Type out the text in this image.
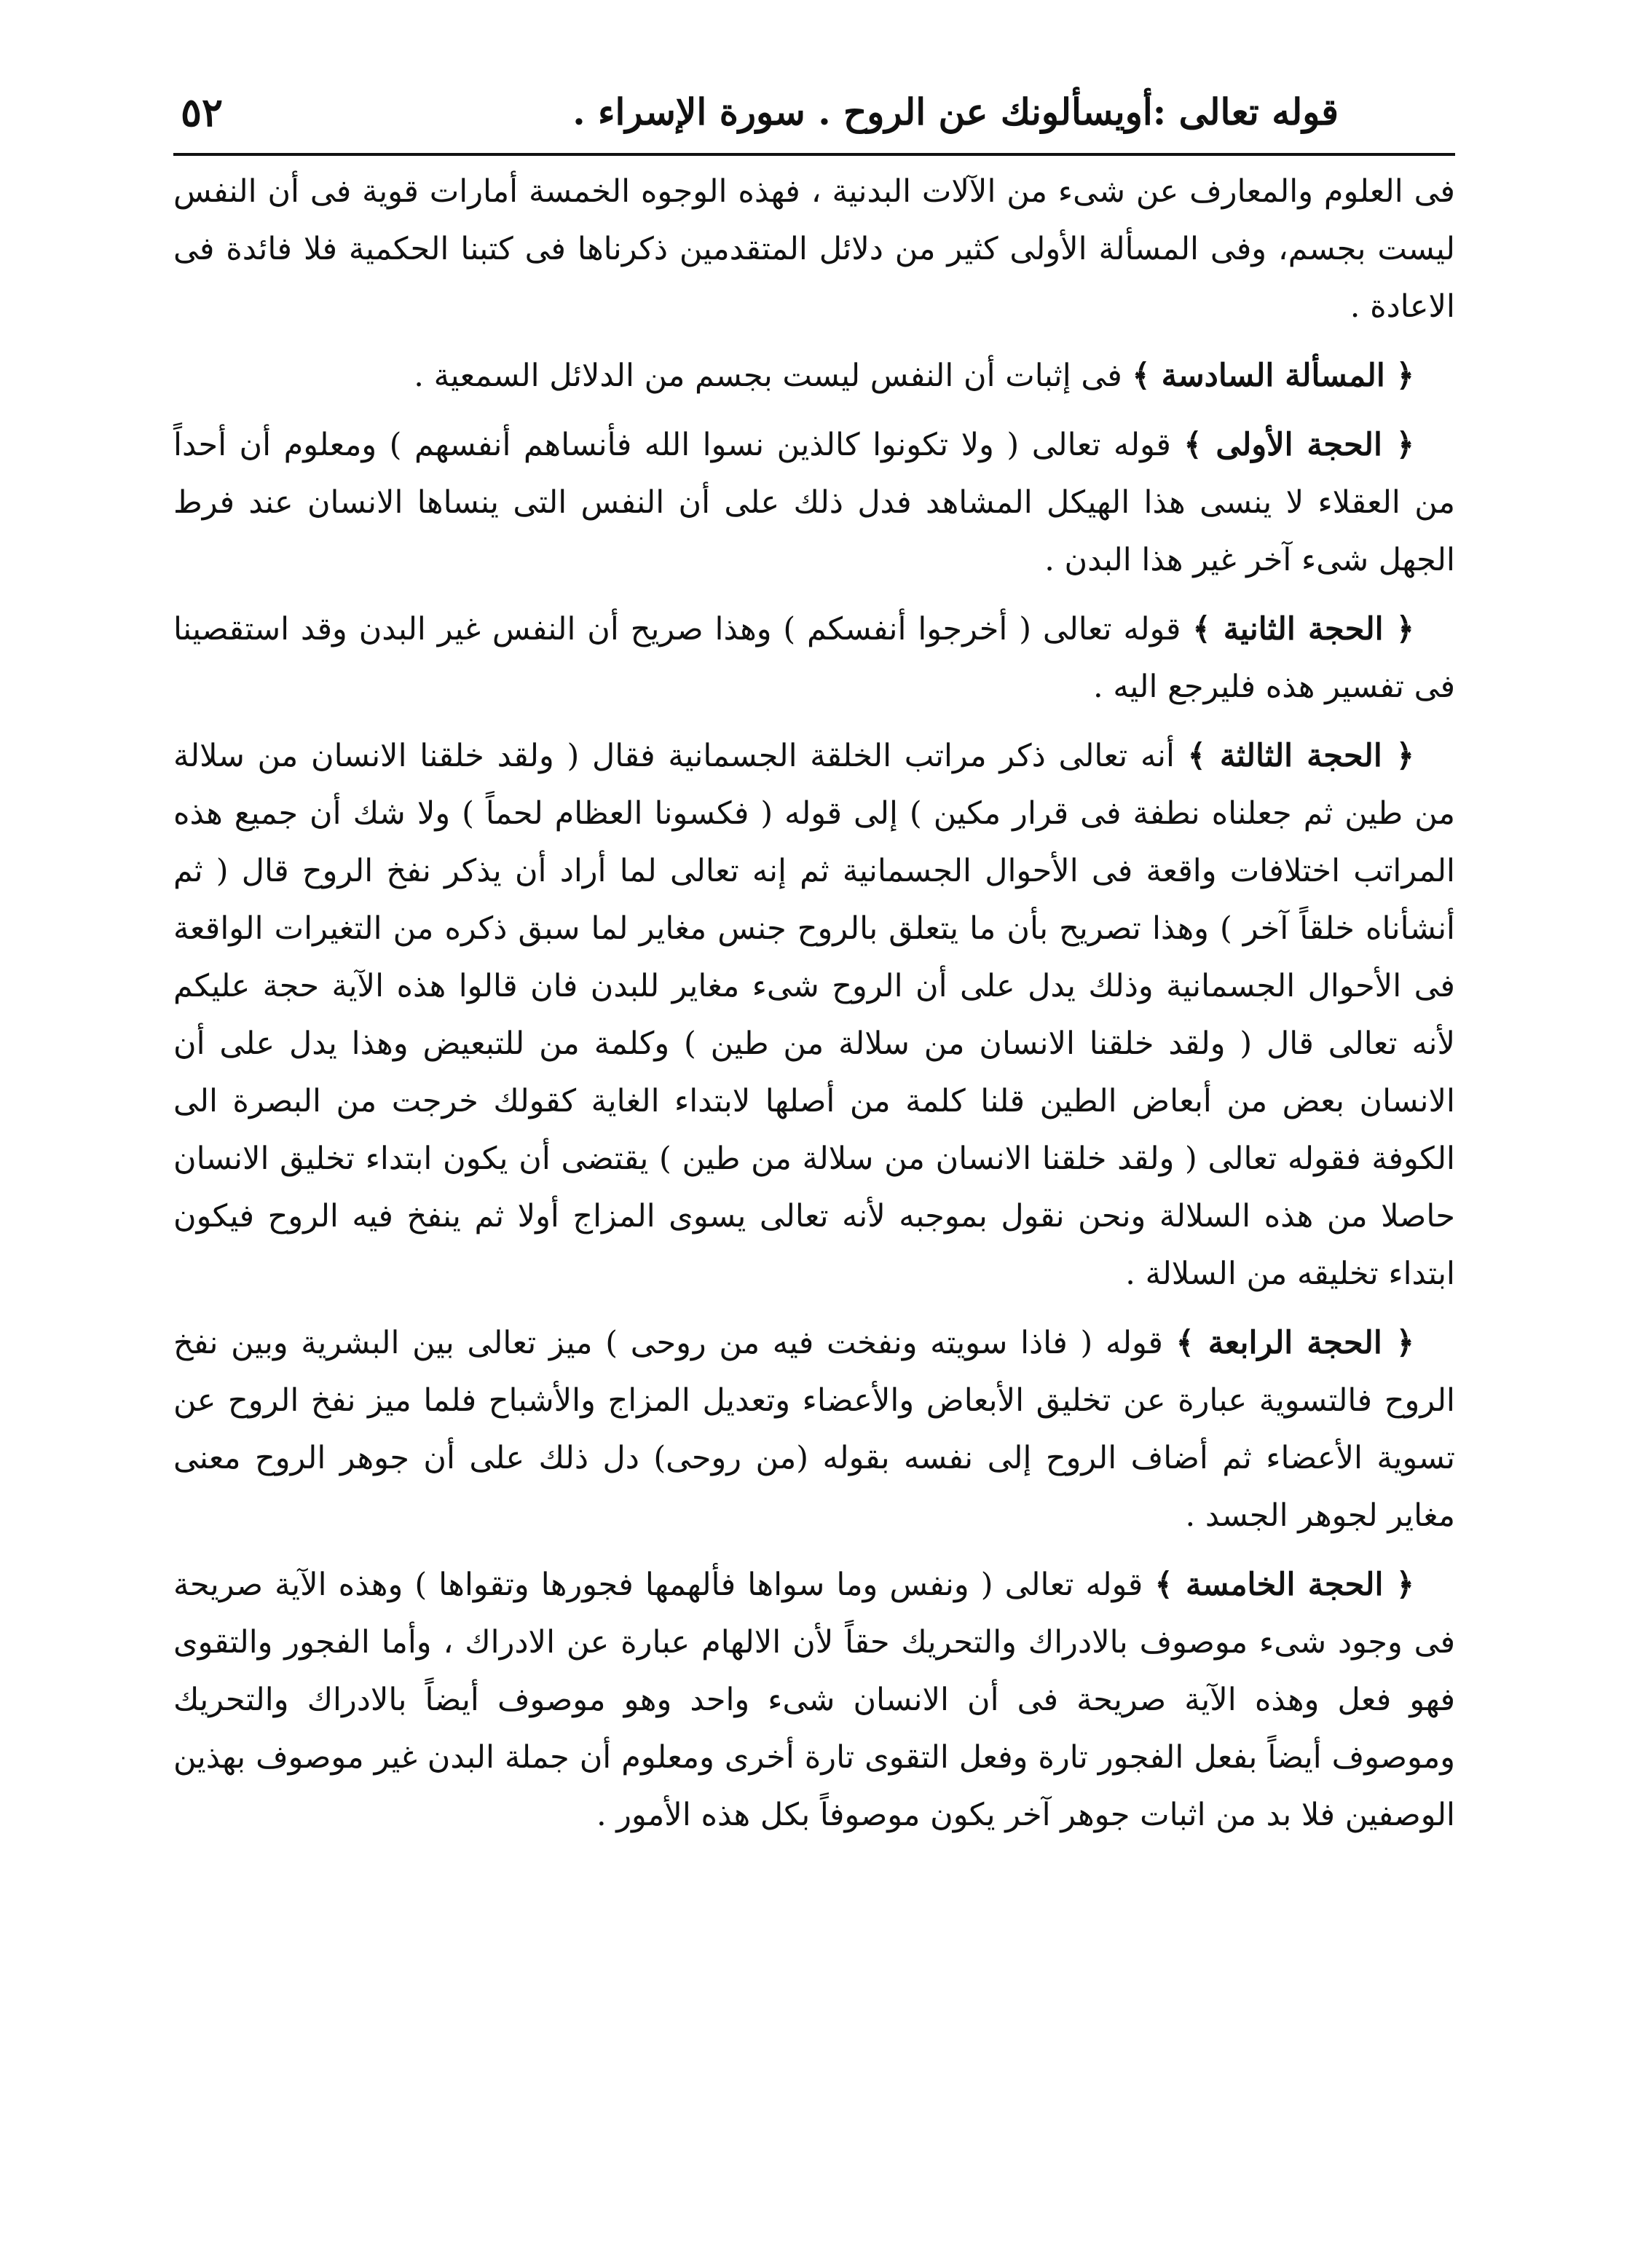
قوله تعالى :أويسألونك عن الروح . سورة الإسراء .
٥٢

فى العلوم والمعارف عن شىء من الآلات البدنية ، فهذه الوجوه الخمسة أمارات قوية فى أن النفس ليست بجسم، وفى المسألة الأولى كثير من دلائل المتقدمين ذكرناها فى كتبنا الحكمية فلا فائدة فى الاعادة .

﴿ المسألة السادسة ﴾ فى إثبات أن النفس ليست بجسم من الدلائل السمعية .

﴿ الحجة الأولى ﴾ قوله تعالى ( ولا تكونوا كالذين نسوا الله فأنساهم أنفسهم ) ومعلوم أن أحداً من العقلاء لا ينسى هذا الهيكل المشاهد فدل ذلك على أن النفس التى ينساها الانسان عند فرط الجهل شىء آخر غير هذا البدن .

﴿ الحجة الثانية ﴾ قوله تعالى ( أخرجوا أنفسكم ) وهذا صريح أن النفس غير البدن وقد استقصينا فى تفسير هذه فليرجع اليه .

﴿ الحجة الثالثة ﴾ أنه تعالى ذكر مراتب الخلقة الجسمانية فقال ( ولقد خلقنا الانسان من سلالة من طين ثم جعلناه نطفة فى قرار مكين ) إلى قوله ( فكسونا العظام لحماً ) ولا شك أن جميع هذه المراتب اختلافات واقعة فى الأحوال الجسمانية ثم إنه تعالى لما أراد أن يذكر نفخ الروح قال ( ثم أنشأناه خلقاً آخر ) وهذا تصريح بأن ما يتعلق بالروح جنس مغاير لما سبق ذكره من التغيرات الواقعة فى الأحوال الجسمانية وذلك يدل على أن الروح شىء مغاير للبدن فان قالوا هذه الآية حجة عليكم لأنه تعالى قال ( ولقد خلقنا الانسان من سلالة من طين ) وكلمة من للتبعيض وهذا يدل على أن الانسان بعض من أبعاض الطين قلنا كلمة من أصلها لابتداء الغاية كقولك خرجت من البصرة الى الكوفة فقوله تعالى ( ولقد خلقنا الانسان من سلالة من طين ) يقتضى أن يكون ابتداء تخليق الانسان حاصلا من هذه السلالة ونحن نقول بموجبه لأنه تعالى يسوى المزاج أولا ثم ينفخ فيه الروح فيكون ابتداء تخليقه من السلالة .

﴿ الحجة الرابعة ﴾ قوله ( فاذا سويته ونفخت فيه من روحى ) ميز تعالى بين البشرية وبين نفخ الروح فالتسوية عبارة عن تخليق الأبعاض والأعضاء وتعديل المزاج والأشباح فلما ميز نفخ الروح عن تسوية الأعضاء ثم أضاف الروح إلى نفسه بقوله (من روحى) دل ذلك على أن جوهر الروح معنى مغاير لجوهر الجسد .

﴿ الحجة الخامسة ﴾ قوله تعالى ( ونفس وما سواها فألهمها فجورها وتقواها ) وهذه الآية صريحة فى وجود شىء موصوف بالادراك والتحريك حقاً لأن الالهام عبارة عن الادراك ، وأما الفجور والتقوى فهو فعل وهذه الآية صريحة فى أن الانسان شىء واحد وهو موصوف أيضاً بالادراك والتحريك وموصوف أيضاً بفعل الفجور تارة وفعل التقوى تارة أخرى ومعلوم أن جملة البدن غير موصوف بهذين الوصفين فلا بد من اثبات جوهر آخر يكون موصوفاً بكل هذه الأمور .
